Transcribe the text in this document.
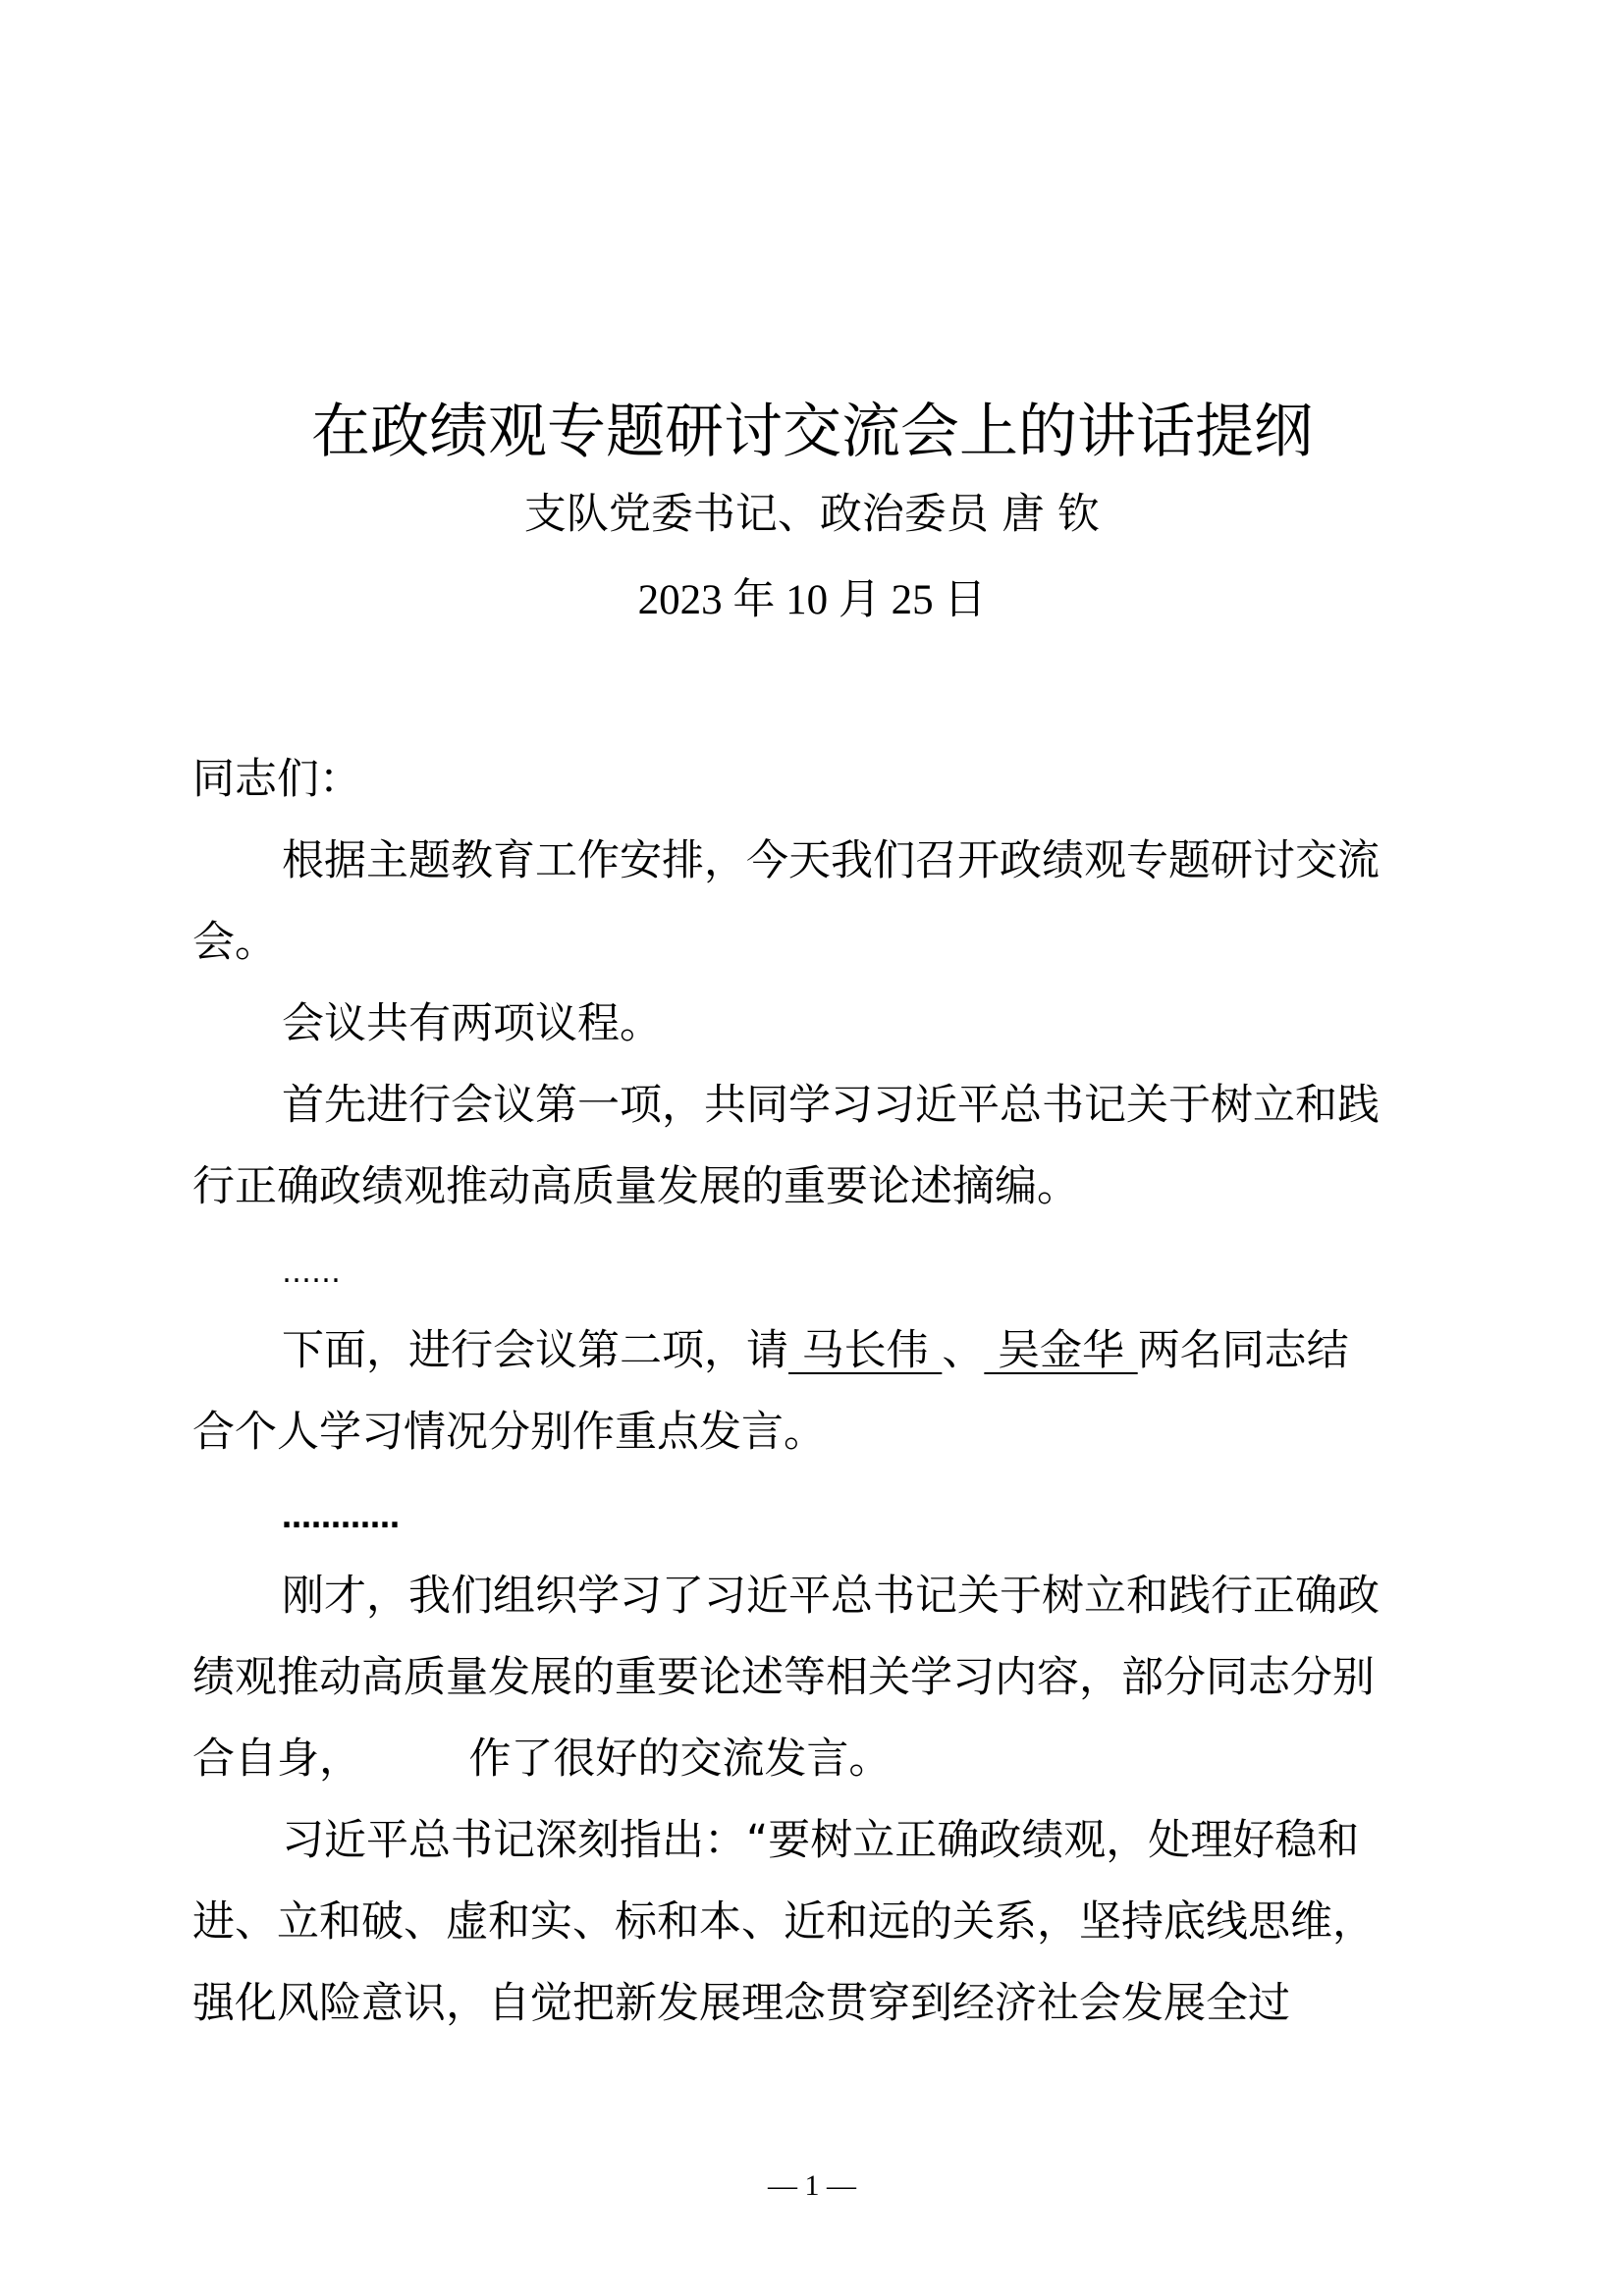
在政绩观专题研讨交流会上的讲话提纲
支队党委书记、政治委员 唐 钦
2023 年 10 月 25 日
同志们：
根据主题教育工作安排，今天我们召开政绩观专题研讨交流
会。
会议共有两项议程。
首先进行会议第一项，共同学习习近平总书记关于树立和践
行正确政绩观推动高质量发展的重要论述摘编。
……
下面，进行会议第二项，请 马长伟 、 吴金华 两名同志结
合个人学习情况分别作重点发言。
…………
刚才，我们组织学习了习近平总书记关于树立和践行正确政
绩观推动高质量发展的重要论述等相关学习内容，部分同志分别
合自身，        作了很好的交流发言。
习近平总书记深刻指出：“要树立正确政绩观，处理好稳和
进、立和破、虚和实、标和本、近和远的关系，坚持底线思维，
强化风险意识，自觉把新发展理念贯穿到经济社会发展全过
— 1 —
